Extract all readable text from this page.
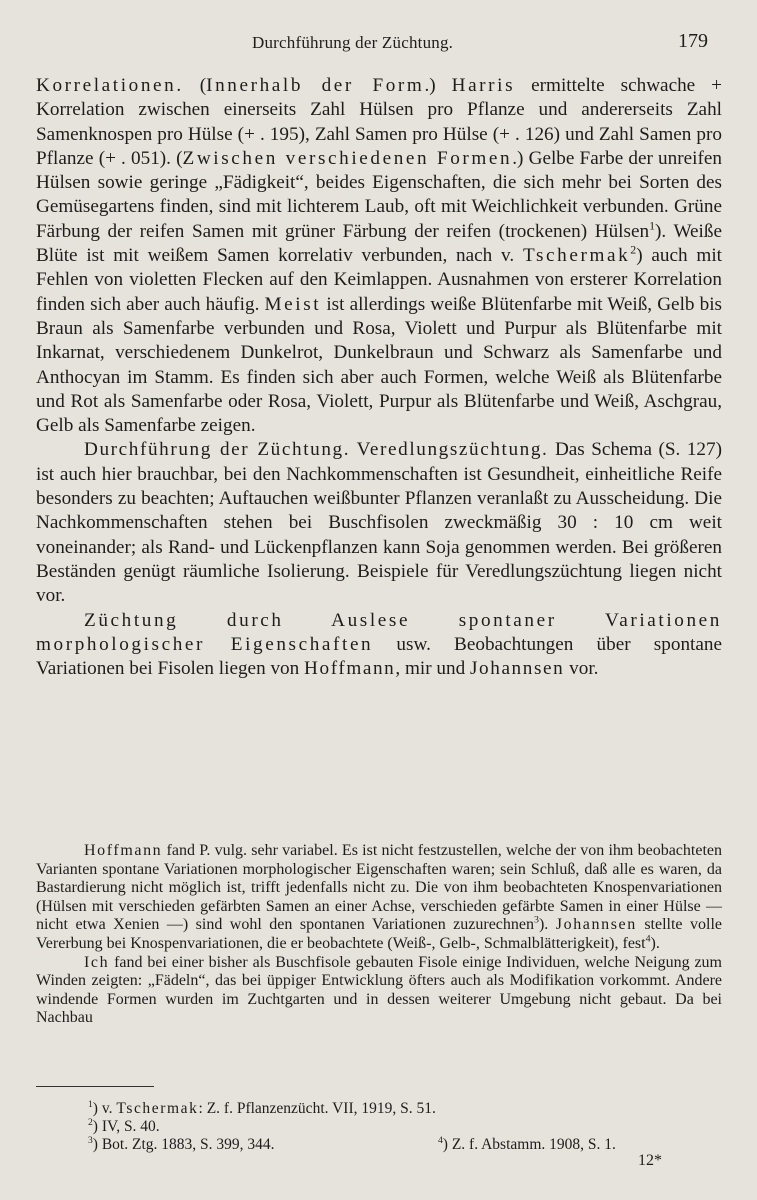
Durchführung der Züchtung.	179

Korrelationen. (Innerhalb der Form.) Harris ermittelte schwache + Korrelation zwischen einerseits Zahl Hülsen pro Pflanze und andererseits Zahl Samenknospen pro Hülse (+ . 195), Zahl Samen pro Hülse (+ . 126) und Zahl Samen pro Pflanze (+ . 051). (Zwischen verschiedenen Formen.) Gelbe Farbe der unreifen Hülsen sowie geringe „Fädigkeit“, beides Eigenschaften, die sich mehr bei Sorten des Gemüsegartens finden, sind mit lichterem Laub, oft mit Weichlichkeit verbunden. Grüne Färbung der reifen Samen mit grüner Färbung der reifen (trockenen) Hülsen$^1$). Weiße Blüte ist mit weißem Samen korrelativ verbunden, nach v. Tschermak$^2$) auch mit Fehlen von violetten Flecken auf den Keimlappen. Ausnahmen von ersterer Korrelation finden sich aber auch häufig. Meist ist allerdings weiße Blütenfarbe mit Weiß, Gelb bis Braun als Samenfarbe verbunden und Rosa, Violett und Purpur als Blütenfarbe mit Inkarnat, verschiedenem Dunkelrot, Dunkelbraun und Schwarz als Samenfarbe und Anthocyan im Stamm. Es finden sich aber auch Formen, welche Weiß als Blütenfarbe und Rot als Samenfarbe oder Rosa, Violett, Purpur als Blütenfarbe und Weiß, Aschgrau, Gelb als Samenfarbe zeigen.

Durchführung der Züchtung. Veredlungszüchtung. Das Schema (S. 127) ist auch hier brauchbar, bei den Nachkommenschaften ist Gesundheit, einheitliche Reife besonders zu beachten; Auftauchen weißbunter Pflanzen veranlaßt zu Ausscheidung. Die Nachkommenschaften stehen bei Buschfisolen zweckmäßig 30 : 10 cm weit voneinander; als Rand- und Lückenpflanzen kann Soja genommen werden. Bei größeren Beständen genügt räumliche Isolierung. Beispiele für Veredlungszüchtung liegen nicht vor.

Züchtung durch Auslese spontaner Variationen morphologischer Eigenschaften usw. Beobachtungen über spontane Variationen bei Fisolen liegen von Hoffmann, mir und Johannsen vor.

Hoffmann fand P. vulg. sehr variabel. Es ist nicht festzustellen, welche der von ihm beobachteten Varianten spontane Variationen morphologischer Eigenschaften waren; sein Schluß, daß alle es waren, da Bastardierung nicht möglich ist, trifft jedenfalls nicht zu. Die von ihm beobachteten Knospenvariationen (Hülsen mit verschieden gefärbten Samen an einer Achse, verschieden gefärbte Samen in einer Hülse — nicht etwa Xenien —) sind wohl den spontanen Variationen zuzurechnen$^3$). Johannsen stellte volle Vererbung bei Knospenvariationen, die er beobachtete (Weiß-, Gelb-, Schmalblätterigkeit), fest$^4$).

Ich fand bei einer bisher als Buschfisole gebauten Fisole einige Individuen, welche Neigung zum Winden zeigten: „Fädeln“, das bei üppiger Entwicklung öfters auch als Modifikation vorkommt. Andere windende Formen wurden im Zuchtgarten und in dessen weiterer Umgebung nicht gebaut. Da bei Nachbau

$^1$) v. Tschermak: Z. f. Pflanzenzücht. VII, 1919, S. 51.
$^2$) IV, S. 40.
$^3$) Bot. Ztg. 1883, S. 399, 344.	$^4$) Z. f. Abstamm. 1908, S. 1.
12*
